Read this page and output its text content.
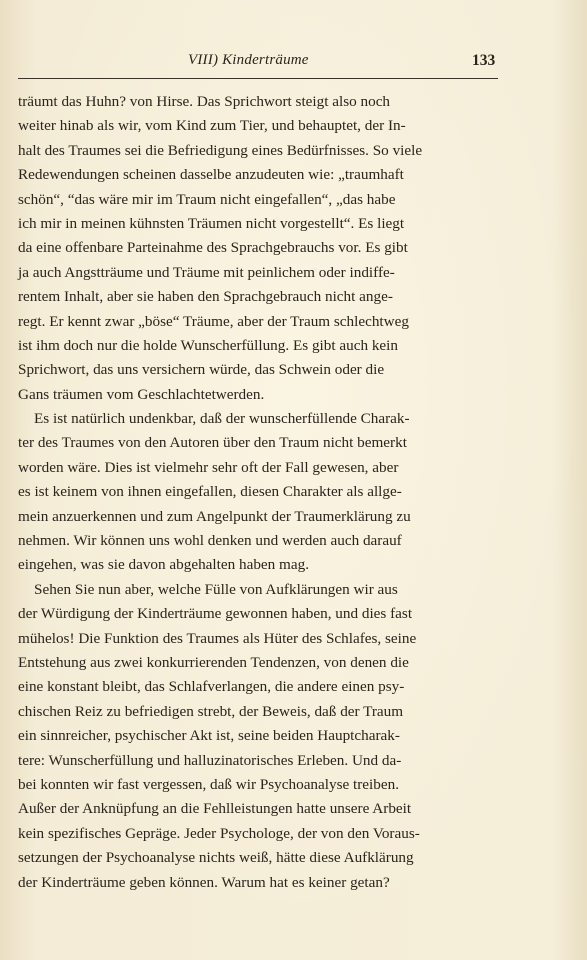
VIII) Kinderträume	133
träumt das Huhn? von Hirse. Das Sprichwort steigt also noch
weiter hinab als wir, vom Kind zum Tier, und behauptet, der In-
halt des Traumes sei die Befriedigung eines Bedürfnisses. So viele
Redewendungen scheinen dasselbe anzudeuten wie: „traumhaft
schön“, “das wäre mir im Traum nicht eingefallen“, „das habe
ich mir in meinen kühnsten Träumen nicht vorgestellt“. Es liegt
da eine offenbare Parteinahme des Sprachgebrauchs vor. Es gibt
ja auch Angstträume und Träume mit peinlichem oder indiffe-
rentem Inhalt, aber sie haben den Sprachgebrauch nicht ange-
regt. Er kennt zwar „böse“ Träume, aber der Traum schlechtweg
ist ihm doch nur die holde Wunscherfüllung. Es gibt auch kein
Sprichwort, das uns versichern würde, das Schwein oder die
Gans träumen vom Geschlachtetwerden.
Es ist natürlich undenkbar, daß der wunscherfüllende Charak-
ter des Traumes von den Autoren über den Traum nicht bemerkt
worden wäre. Dies ist vielmehr sehr oft der Fall gewesen, aber
es ist keinem von ihnen eingefallen, diesen Charakter als allge-
mein anzuerkennen und zum Angelpunkt der Traumerklärung zu
nehmen. Wir können uns wohl denken und werden auch darauf
eingehen, was sie davon abgehalten haben mag.
Sehen Sie nun aber, welche Fülle von Aufklärungen wir aus
der Würdigung der Kinderträume gewonnen haben, und dies fast
mühelos! Die Funktion des Traumes als Hüter des Schlafes, seine
Entstehung aus zwei konkurrierenden Tendenzen, von denen die
eine konstant bleibt, das Schlafverlangen, die andere einen psy-
chischen Reiz zu befriedigen strebt, der Beweis, daß der Traum
ein sinnreicher, psychischer Akt ist, seine beiden Hauptcharak-
tere: Wunscherfüllung und halluzinatorisches Erleben. Und da-
bei konnten wir fast vergessen, daß wir Psychoanalyse treiben.
Außer der Anknüpfung an die Fehlleistungen hatte unsere Arbeit
kein spezifisches Gepräge. Jeder Psychologe, der von den Voraus-
setzungen der Psychoanalyse nichts weiß, hätte diese Aufklärung
der Kinderträume geben können. Warum hat es keiner getan?
